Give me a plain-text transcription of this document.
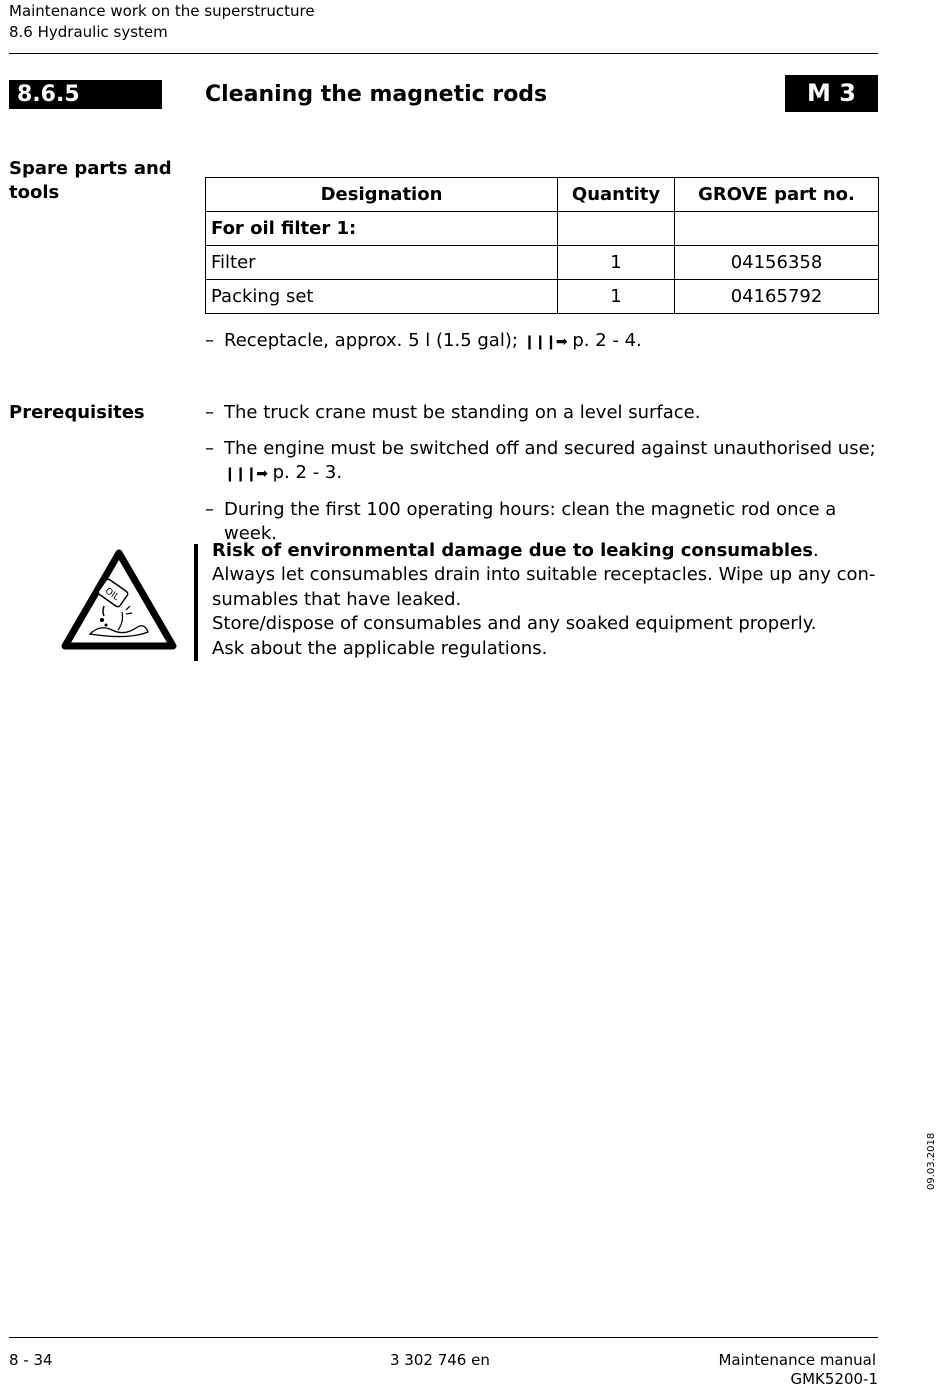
Maintenance work on the superstructure
8.6 Hydraulic system
8.6.5	Cleaning the magnetic rods	M 3
Spare parts and
tools	Designation	Quantity	GROVE part no.
For oil filter 1:		
Filter	1	04156358
Packing set	1	04165792
– Receptacle, approx. 5 l (1.5 gal); ❙❙❙➡ p. 2 - 4.
Prerequisites	– The truck crane must be standing on a level surface.
– The engine must be switched off and secured against unauthorised use;
❙❙❙➡ p. 2 - 3.
– During the first 100 operating hours: clean the magnetic rod once a week.
OIL
Risk of environmental damage due to leaking consumables.
Always let consumables drain into suitable receptacles. Wipe up any con-
sumables that have leaked.
Store/dispose of consumables and any soaked equipment properly.
Ask about the applicable regulations.
09.03.2018
8 - 34	3 302 746 en	Maintenance manual
GMK5200-1
